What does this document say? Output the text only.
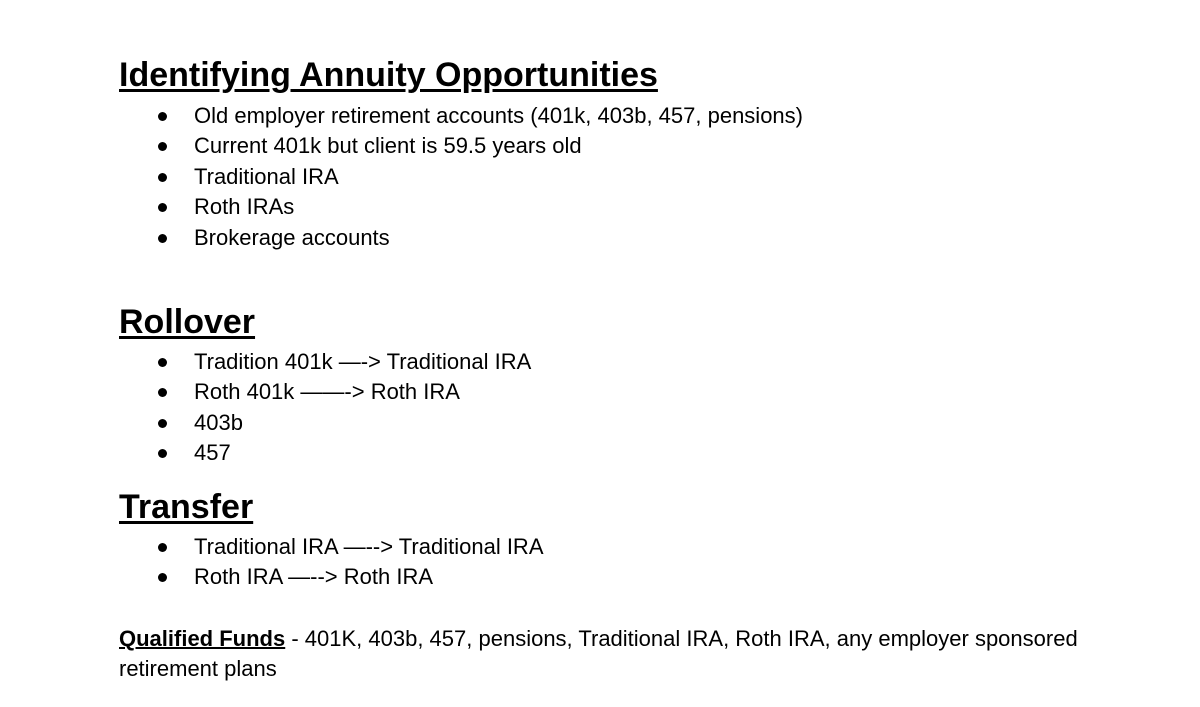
Identifying Annuity Opportunities
Old employer retirement accounts (401k, 403b, 457, pensions)
Current 401k but client is 59.5 years old
Traditional IRA
Roth IRAs
Brokerage accounts
Rollover
Tradition 401k —-> Traditional IRA
Roth 401k ——-> Roth IRA
403b
457
Transfer
Traditional IRA —--> Traditional IRA
Roth IRA —--> Roth IRA

Qualified Funds - 401K, 403b, 457, pensions, Traditional IRA, Roth IRA, any employer sponsored retirement plans
